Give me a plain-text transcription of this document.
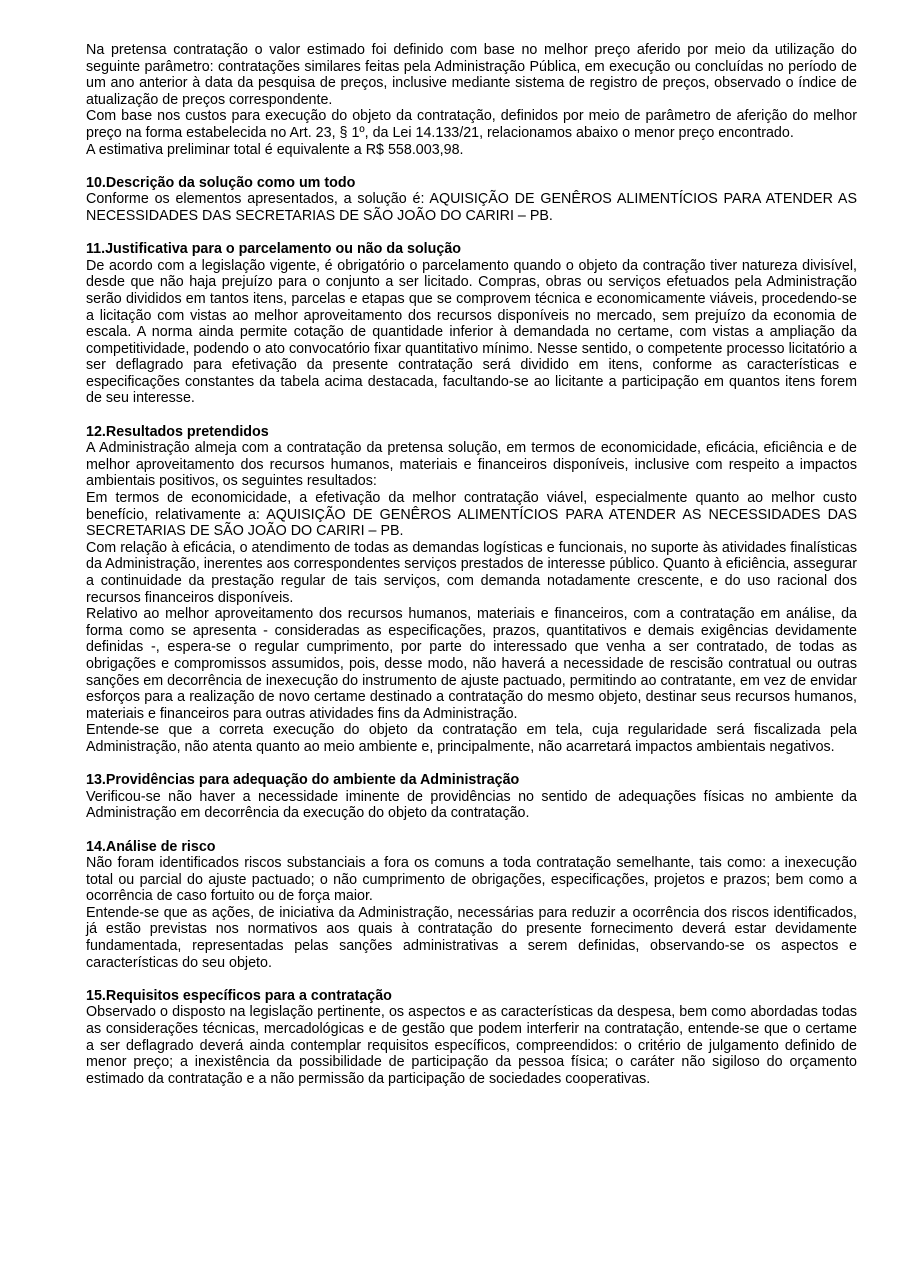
Na pretensa contratação o valor estimado foi definido com base no melhor preço aferido por meio da utilização do seguinte parâmetro: contratações similares feitas pela Administração Pública, em execução ou concluídas no período de um ano anterior à data da pesquisa de preços, inclusive mediante sistema de registro de preços, observado o índice de atualização de preços correspondente.

Com base nos custos para execução do objeto da contratação, definidos por meio de parâmetro de aferição do melhor preço na forma estabelecida no Art. 23, § 1º, da Lei 14.133/21, relacionamos abaixo o menor preço encontrado.

A estimativa preliminar total é equivalente a R$ 558.003,98.

10.Descrição da solução como um todo

Conforme os elementos apresentados, a solução é: AQUISIÇÃO DE GENÊROS ALIMENTÍCIOS PARA ATENDER AS NECESSIDADES DAS SECRETARIAS DE SÃO JOÃO DO CARIRI – PB.

11.Justificativa para o parcelamento ou não da solução

De acordo com a legislação vigente, é obrigatório o parcelamento quando o objeto da contração tiver natureza divisível, desde que não haja prejuízo para o conjunto a ser licitado. Compras, obras ou serviços efetuados pela Administração serão divididos em tantos itens, parcelas e etapas que se comprovem técnica e economicamente viáveis, procedendo-se a licitação com vistas ao melhor aproveitamento dos recursos disponíveis no mercado, sem prejuízo da economia de escala. A norma ainda permite cotação de quantidade inferior à demandada no certame, com vistas a ampliação da competitividade, podendo o ato convocatório fixar quantitativo mínimo. Nesse sentido, o competente processo licitatório a ser deflagrado para efetivação da presente contratação será dividido em itens, conforme as características e especificações constantes da tabela acima destacada, facultando-se ao licitante a participação em quantos itens forem de seu interesse.

12.Resultados pretendidos

A Administração almeja com a contratação da pretensa solução, em termos de economicidade, eficácia, eficiência e de melhor aproveitamento dos recursos humanos, materiais e financeiros disponíveis, inclusive com respeito a impactos ambientais positivos, os seguintes resultados:

Em termos de economicidade, a efetivação da melhor contratação viável, especialmente quanto ao melhor custo benefício, relativamente a: AQUISIÇÃO DE GENÊROS ALIMENTÍCIOS PARA ATENDER AS NECESSIDADES DAS SECRETARIAS DE SÃO JOÃO DO CARIRI – PB.

Com relação à eficácia, o atendimento de todas as demandas logísticas e funcionais, no suporte às atividades finalísticas da Administração, inerentes aos correspondentes serviços prestados de interesse público. Quanto à eficiência, assegurar a continuidade da prestação regular de tais serviços, com demanda notadamente crescente, e do uso racional dos recursos financeiros disponíveis.

Relativo ao melhor aproveitamento dos recursos humanos, materiais e financeiros, com a contratação em análise, da forma como se apresenta - consideradas as especificações, prazos, quantitativos e demais exigências devidamente definidas -, espera-se o regular cumprimento, por parte do interessado que venha a ser contratado, de todas as obrigações e compromissos assumidos, pois, desse modo, não haverá a necessidade de rescisão contratual ou outras sanções em decorrência de inexecução do instrumento de ajuste pactuado, permitindo ao contratante, em vez de envidar esforços para a realização de novo certame destinado a contratação do mesmo objeto, destinar seus recursos humanos, materiais e financeiros para outras atividades fins da Administração.

Entende-se que a correta execução do objeto da contratação em tela, cuja regularidade será fiscalizada pela Administração, não atenta quanto ao meio ambiente e, principalmente, não acarretará impactos ambientais negativos.

13.Providências para adequação do ambiente da Administração

Verificou-se não haver a necessidade iminente de providências no sentido de adequações físicas no ambiente da Administração em decorrência da execução do objeto da contratação.

14.Análise de risco

Não foram identificados riscos substanciais a fora os comuns a toda contratação semelhante, tais como: a inexecução total ou parcial do ajuste pactuado; o não cumprimento de obrigações, especificações, projetos e prazos; bem como a ocorrência de caso fortuito ou de força maior.

Entende-se que as ações, de iniciativa da Administração, necessárias para reduzir a ocorrência dos riscos identificados, já estão previstas nos normativos aos quais à contratação do presente fornecimento deverá estar devidamente fundamentada, representadas pelas sanções administrativas a serem definidas, observando-se os aspectos e características do seu objeto.

15.Requisitos específicos para a contratação

Observado o disposto na legislação pertinente, os aspectos e as características da despesa, bem como abordadas todas as considerações técnicas, mercadológicas e de gestão que podem interferir na contratação, entende-se que o certame a ser deflagrado deverá ainda contemplar requisitos específicos, compreendidos: o critério de julgamento definido de menor preço; a inexistência da possibilidade de participação da pessoa física; o caráter não sigiloso do orçamento estimado da contratação e a não permissão da participação de sociedades cooperativas.
